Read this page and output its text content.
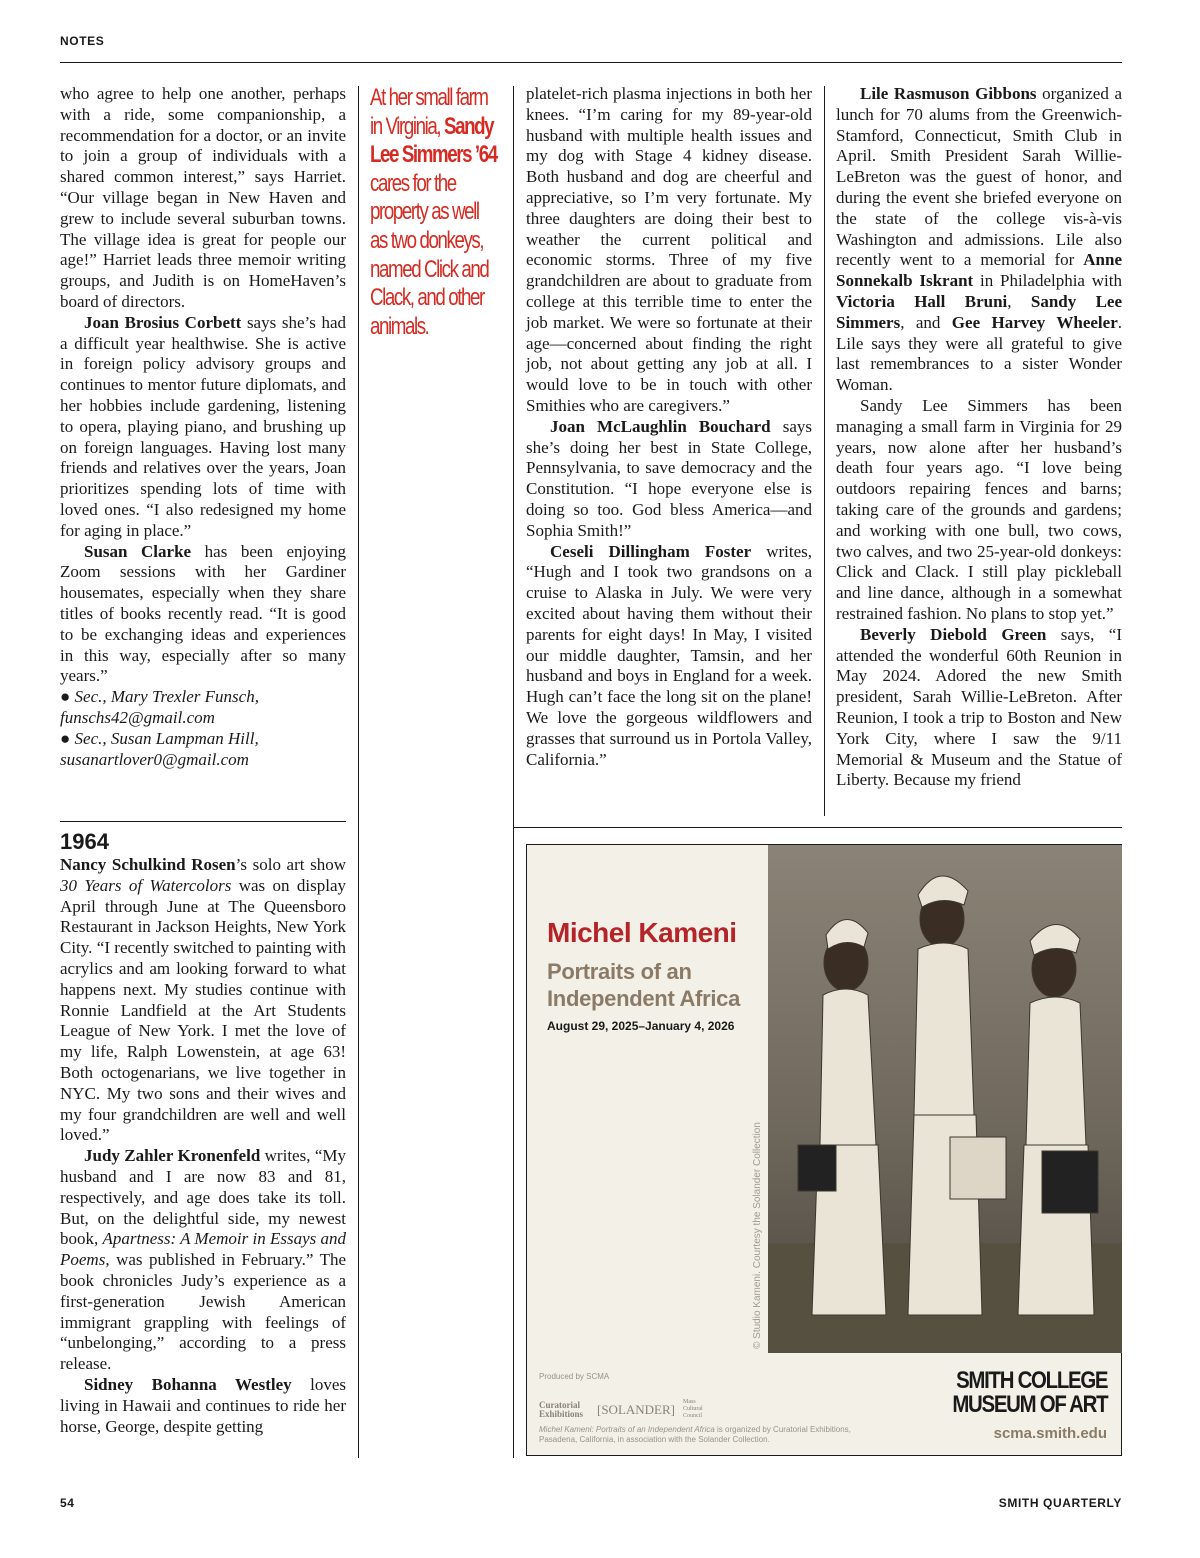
NOTES

who agree to help one another, perhaps with a ride, some companionship, a recommendation for a doctor, or an invite to join a group of individuals with a shared common interest,” says Harriet. “Our village began in New Haven and grew to include several suburban towns. The village idea is great for people our age!” Harriet leads three memoir writing groups, and Judith is on HomeHaven’s board of directors.

Joan Brosius Corbett says she’s had a difficult year healthwise. She is active in foreign policy advisory groups and continues to mentor future diplomats, and her hobbies include gardening, listening to opera, playing piano, and brushing up on foreign languages. Having lost many friends and relatives over the years, Joan prioritizes spending lots of time with loved ones. “I also redesigned my home for aging in place.”

Susan Clarke has been enjoying Zoom sessions with her Gardiner housemates, especially when they share titles of books recently read. “It is good to be exchanging ideas and experiences in this way, especially after so many years.”

● Sec., Mary Trexler Funsch,
funschs42@gmail.com
● Sec., Susan Lampman Hill,
susanartlover0@gmail.com
1964

Nancy Schulkind Rosen’s solo art show 30 Years of Watercolors was on display April through June at The Queensboro Restaurant in Jackson Heights, New York City. “I recently switched to painting with acrylics and am looking forward to what happens next. My studies continue with Ronnie Landfield at the Art Students League of New York. I met the love of my life, Ralph Lowenstein, at age 63! Both octogenarians, we live together in NYC. My two sons and their wives and my four grandchildren are well and well loved.”

Judy Zahler Kronenfeld writes, “My husband and I are now 83 and 81, respectively, and age does take its toll. But, on the delightful side, my newest book, Apartness: A Memoir in Essays and Poems, was published in February.” The book chronicles Judy’s experience as a first-generation Jewish American immigrant grappling with feelings of “unbelonging,” according to a press release.

Sidney Bohanna Westley loves living in Hawaii and continues to ride her horse, George, despite getting

At her small farm in Virginia, Sandy Lee Simmers ’64 cares for the property as well as two donkeys, named Click and Clack, and other animals.

platelet-rich plasma injections in both her knees. “I’m caring for my 89-year-old husband with multiple health issues and my dog with Stage 4 kidney disease. Both husband and dog are cheerful and appreciative, so I’m very fortunate. My three daughters are doing their best to weather the current political and economic storms. Three of my five grandchildren are about to graduate from college at this terrible time to enter the job market. We were so fortunate at their age—concerned about finding the right job, not about getting any job at all. I would love to be in touch with other Smithies who are caregivers.”

Joan McLaughlin Bouchard says she’s doing her best in State College, Pennsylvania, to save democracy and the Constitution. “I hope everyone else is doing so too. God bless America—and Sophia Smith!”

Ceseli Dillingham Foster writes, “Hugh and I took two grandsons on a cruise to Alaska in July. We were very excited about having them without their parents for eight days! In May, I visited our middle daughter, Tamsin, and her husband and boys in England for a week. Hugh can’t face the long sit on the plane! We love the gorgeous wildflowers and grasses that surround us in Portola Valley, California.”

Lile Rasmuson Gibbons organized a lunch for 70 alums from the Greenwich-Stamford, Connecticut, Smith Club in April. Smith President Sarah Willie-LeBreton was the guest of honor, and during the event she briefed everyone on the state of the college vis-à-vis Washington and admissions. Lile also recently went to a memorial for Anne Sonnekalb Iskrant in Philadelphia with Victoria Hall Bruni, Sandy Lee Simmers, and Gee Harvey Wheeler. Lile says they were all grateful to give last remembrances to a sister Wonder Woman.

Sandy Lee Simmers has been managing a small farm in Virginia for 29 years, now alone after her husband’s death four years ago. “I love being outdoors repairing fences and barns; taking care of the grounds and gardens; and working with one bull, two cows, two calves, and two 25-year-old donkeys: Click and Clack. I still play pickleball and line dance, although in a somewhat restrained fashion. No plans to stop yet.”

Beverly Diebold Green says, “I attended the wonderful 60th Reunion in May 2024. Adored the new Smith president, Sarah Willie-LeBreton. After Reunion, I took a trip to Boston and New York City, where I saw the 9/11 Memorial & Museum and the Statue of Liberty. Because my friend

Michel Kameni
Portraits of an
Independent Africa
August 29, 2025–January 4, 2026
© Studio Kameni. Courtesy the Solander Collection
Produced by SCMA
Curatorial Exhibitions	[SOLANDER] Mass Cultural Council
Michel Kameni: Portraits of an Independent Africa is organized by Curatorial Exhibitions, Pasadena, California, in association with the Solander Collection.
SMITH COLLEGE
MUSEUM OF ART
scma.smith.edu
54	SMITH QUARTERLY
